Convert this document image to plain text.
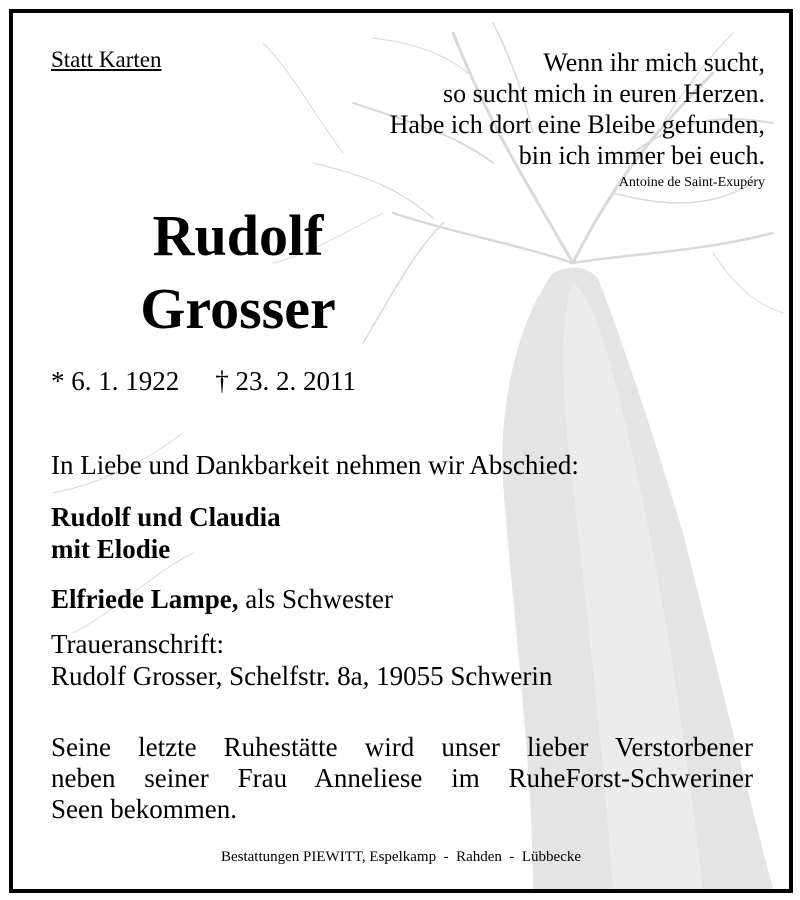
Statt Karten	Wenn ihr mich sucht,
so sucht mich in euren Herzen.
Habe ich dort eine Bleibe gefunden,
bin ich immer bei euch.
Antoine de Saint-Exupéry
Rudolf
Grosser
* 6. 1. 1922 † 23. 2. 2011
In Liebe und Dankbarkeit nehmen wir Abschied:
Rudolf und Claudia
mit Elodie
Elfriede Lampe, als Schwester
Traueranschrift:
Rudolf Grosser, Schelfstr. 8a, 19055 Schwerin
Seine letzte Ruhestätte wird unser lieber Verstorbener
neben seiner Frau Anneliese im RuheForst-Schweriner
Seen bekommen.
Bestattungen PIEWITT, Espelkamp  -  Rahden  -  Lübbecke
